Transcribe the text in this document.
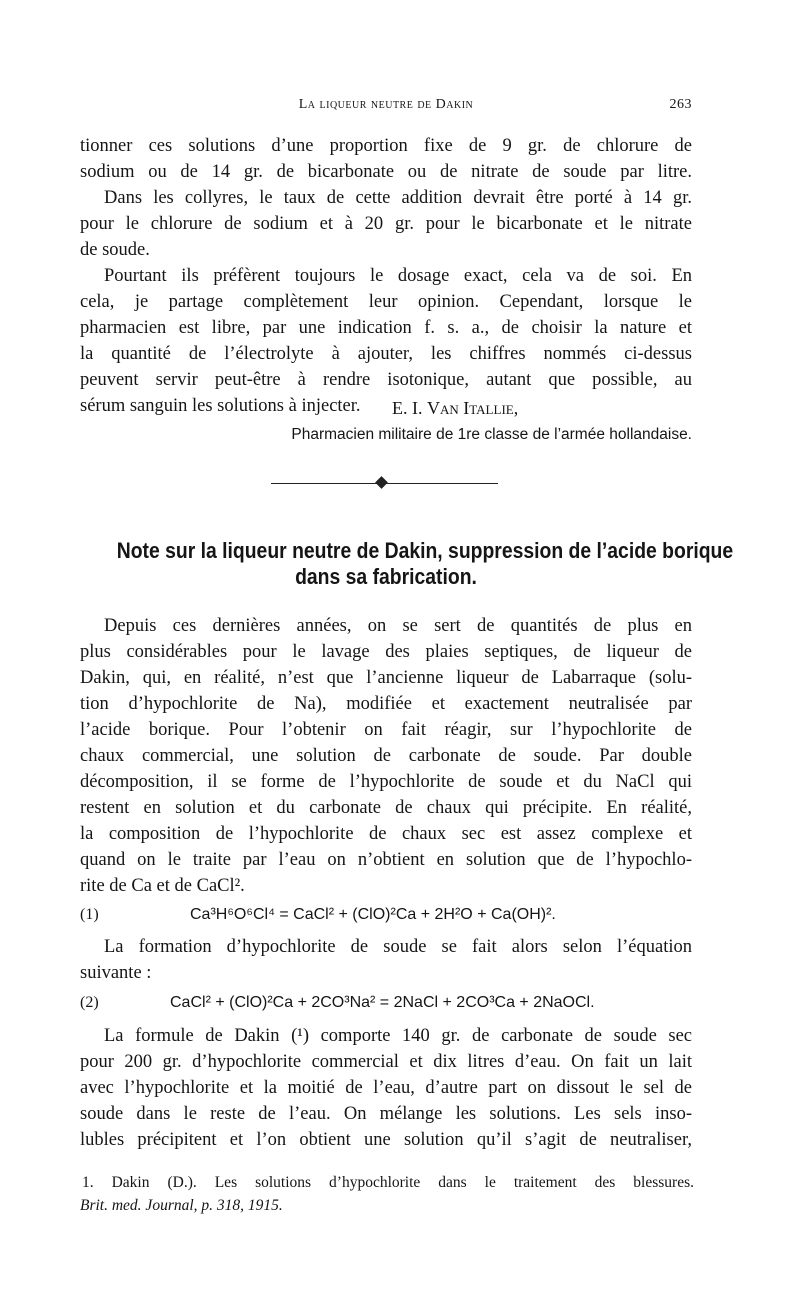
La liqueur neutre de Dakin	263
tionner ces solutions d’une proportion fixe de 9 gr. de chlorure de
sodium ou de 14 gr. de bicarbonate ou de nitrate de soude par litre.
Dans les collyres, le taux de cette addition devrait être porté à 14 gr.
pour le chlorure de sodium et à 20 gr. pour le bicarbonate et le nitrate
de soude.
Pourtant ils préfèrent toujours le dosage exact, cela va de soi. En
cela, je partage complètement leur opinion. Cependant, lorsque le
pharmacien est libre, par une indication f. s. a., de choisir la nature et
la quantité de l’électrolyte à ajouter, les chiffres nommés ci-dessus
peuvent servir peut-être à rendre isotonique, autant que possible, au
sérum sanguin les solutions à injecter.	E. I. Van Itallie,
Pharmacien militaire de 1re classe de l’armée hollandaise.
Note sur la liqueur neutre de Dakin, suppression de l’acide borique
dans sa fabrication.
Depuis ces dernières années, on se sert de quantités de plus en
plus considérables pour le lavage des plaies septiques, de liqueur de
Dakin, qui, en réalité, n’est que l’ancienne liqueur de Labarraque (solu-
tion d’hypochlorite de Na), modifiée et exactement neutralisée par
l’acide borique. Pour l’obtenir on fait réagir, sur l’hypochlorite de
chaux commercial, une solution de carbonate de soude. Par double
décomposition, il se forme de l’hypochlorite de soude et du NaCl qui
restent en solution et du carbonate de chaux qui précipite. En réalité,
la composition de l’hypochlorite de chaux sec est assez complexe et
quand on le traite par l’eau on n’obtient en solution que de l’hypochlo-
rite de Ca et de CaCl².
(1)	Ca³H⁶O⁶Cl⁴ = CaCl² + (ClO)²Ca + 2H²O + Ca(OH)².
La formation d’hypochlorite de soude se fait alors selon l’équation
suivante :
(2)	CaCl² + (ClO)²Ca + 2CO³Na² = 2NaCl + 2CO³Ca + 2NaOCl.
La formule de Dakin (¹) comporte 140 gr. de carbonate de soude sec
pour 200 gr. d’hypochlorite commercial et dix litres d’eau. On fait un lait
avec l’hypochlorite et la moitié de l’eau, d’autre part on dissout le sel de
soude dans le reste de l’eau. On mélange les solutions. Les sels inso-
lubles précipitent et l’on obtient une solution qu’il s’agit de neutraliser,
1. Dakin (D.). Les solutions d’hypochlorite dans le traitement des blessures.
Brit. med. Journal, p. 318, 1915.
